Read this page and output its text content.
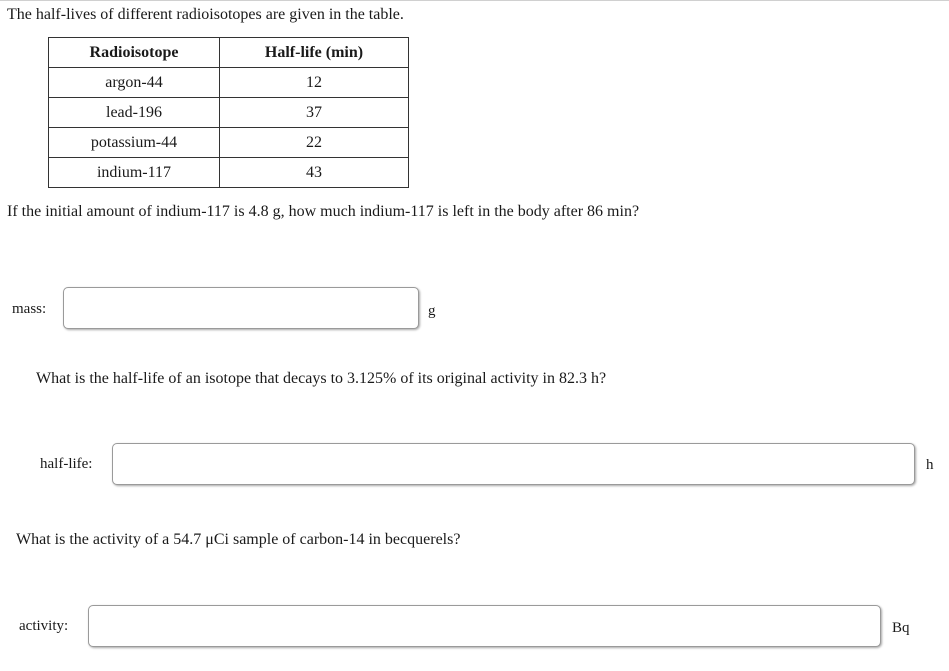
The half-lives of different radioisotopes are given in the table.
Radioisotope	Half-life (min)
argon-44	12
lead-196	37
potassium-44	22
indium-117	43
If the initial amount of indium-117 is 4.8 g, how much indium-117 is left in the body after 86 min?
mass:	g
What is the half-life of an isotope that decays to 3.125% of its original activity in 82.3 h?
half-life:	h
What is the activity of a 54.7 μCi sample of carbon-14 in becquerels?
activity:	Bq
